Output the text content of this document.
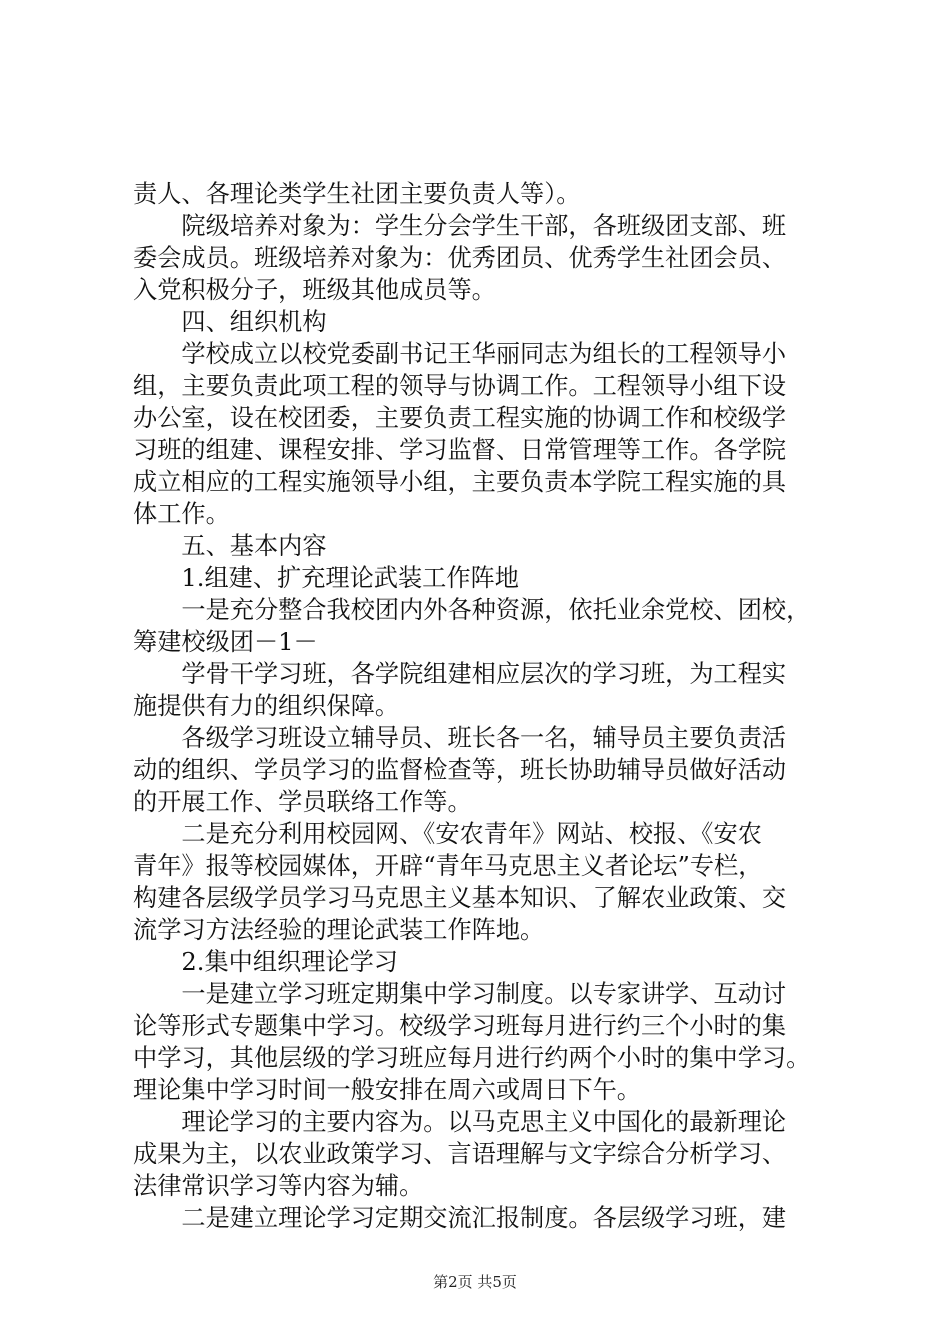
责人、各理论类学生社团主要负责人等）。
　　院级培养对象为：学生分会学生干部，各班级团支部、班
委会成员。班级培养对象为：优秀团员、优秀学生社团会员、
入党积极分子，班级其他成员等。
　　四、组织机构
　　学校成立以校党委副书记王华丽同志为组长的工程领导小
组，主要负责此项工程的领导与协调工作。工程领导小组下设
办公室，设在校团委，主要负责工程实施的协调工作和校级学
习班的组建、课程安排、学习监督、日常管理等工作。各学院
成立相应的工程实施领导小组，主要负责本学院工程实施的具
体工作。
　　五、基本内容
　　1.组建、扩充理论武装工作阵地
　　一是充分整合我校团内外各种资源，依托业余党校、团校，
筹建校级团－1－
　　学骨干学习班，各学院组建相应层次的学习班，为工程实
施提供有力的组织保障。
　　各级学习班设立辅导员、班长各一名，辅导员主要负责活
动的组织、学员学习的监督检查等，班长协助辅导员做好活动
的开展工作、学员联络工作等。
　　二是充分利用校园网、《安农青年》网站、校报、《安农
青年》报等校园媒体，开辟“青年马克思主义者论坛”专栏，
构建各层级学员学习马克思主义基本知识、了解农业政策、交
流学习方法经验的理论武装工作阵地。
　　2.集中组织理论学习
　　一是建立学习班定期集中学习制度。以专家讲学、互动讨
论等形式专题集中学习。校级学习班每月进行约三个小时的集
中学习，其他层级的学习班应每月进行约两个小时的集中学习。
理论集中学习时间一般安排在周六或周日下午。
　　理论学习的主要内容为。以马克思主义中国化的最新理论
成果为主，以农业政策学习、言语理解与文字综合分析学习、
法律常识学习等内容为辅。
　　二是建立理论学习定期交流汇报制度。各层级学习班，建
第2页 共5页
